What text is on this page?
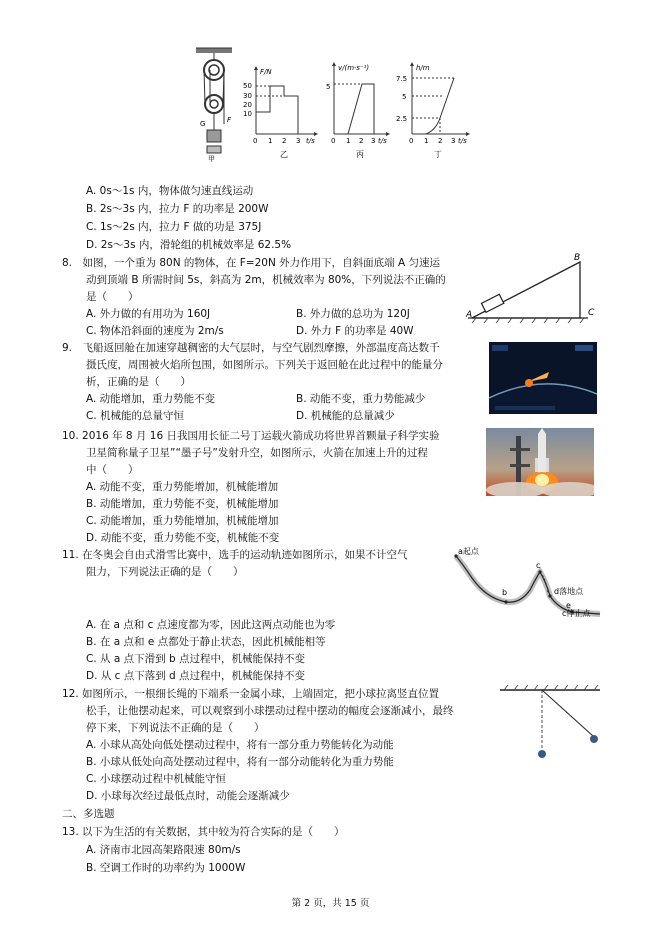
G	F
甲
F/N
50
30
20
10
0 1 2 3 t/s
乙
v/(m·s⁻¹)
5
0 1 2 3 t/s
丙
h/m
7.5
5
2.5
0 1 2 3 t/s
丁
A. 0s～1s 内，物体做匀速直线运动
B. 2s～3s 内，拉力 F 的功率是 200W
C. 1s～2s 内，拉力 F 做的功是 375J
D. 2s～3s 内，滑轮组的机械效率是 62.5%
8.　如图，一个重为 80N 的物体，在 F=20N 外力作用下，自斜面底端 A 匀速运
动到顶端 B 所需时间 5s，斜高为 2m，机械效率为 80%，下列说法不正确的
是（　　）
A. 外力做的有用功为 160J	B. 外力做的总功为 120J
C. 物体沿斜面的速度为 2m/s	D. 外力 F 的功率是 40W
A
B
C
9.　飞船返回舱在加速穿越稠密的大气层时，与空气剧烈摩擦，外部温度高达数千
摄氏度，周围被火焰所包围，如图所示。下列关于返回舱在此过程中的能量分
析，正确的是（　　）
A. 动能增加，重力势能不变	B. 动能不变，重力势能减少
C. 机械能的总量守恒	D. 机械能的总量减少
10. 2016 年 8 月 16 日我国用长征二号丁运载火箭成功将世界首颗量子科学实验
卫星简称量子卫星”“墨子号”发射升空，如图所示，火箭在加速上升的过程
中（　　）
A. 动能不变，重力势能增加，机械能增加
B. 动能增加，重力势能不变，机械能增加
C. 动能增加，重力势能增加，机械能增加
D. 动能不变，重力势能不变，机械能不变
11. 在冬奥会自由式滑雪比赛中，选手的运动轨迹如图所示，如果不计空气
阻力，下列说法正确的是（　　）
A. 在 a 点和 c 点速度都为零，因此这两点动能也为零
B. 在 a 点和 e 点都处于静止状态，因此机械能相等
C. 从 a 点下滑到 b 点过程中，机械能保持不变
D. 从 c 点下落到 d 点过程中，机械能保持不变
a起点
b
c
d落地点
e
c停止点
12. 如图所示，一根细长绳的下端系一金属小球，上端固定，把小球拉离竖直位置
松手，让他摆动起来，可以观察到小球摆动过程中摆动的幅度会逐渐减小，最终
停下来，下列说法不正确的是（　　）
A. 小球从高处向低处摆动过程中，将有一部分重力势能转化为动能
B. 小球从低处向高处摆动过程中，将有一部分动能转化为重力势能
C. 小球摆动过程中机械能守恒
D. 小球每次经过最低点时，动能会逐渐减少
二、多选题
13. 以下为生活的有关数据，其中较为符合实际的是（　　）
A. 济南市北园高架路限速 80m/s
B. 空调工作时的功率约为 1000W
第 2 页，共 15 页
